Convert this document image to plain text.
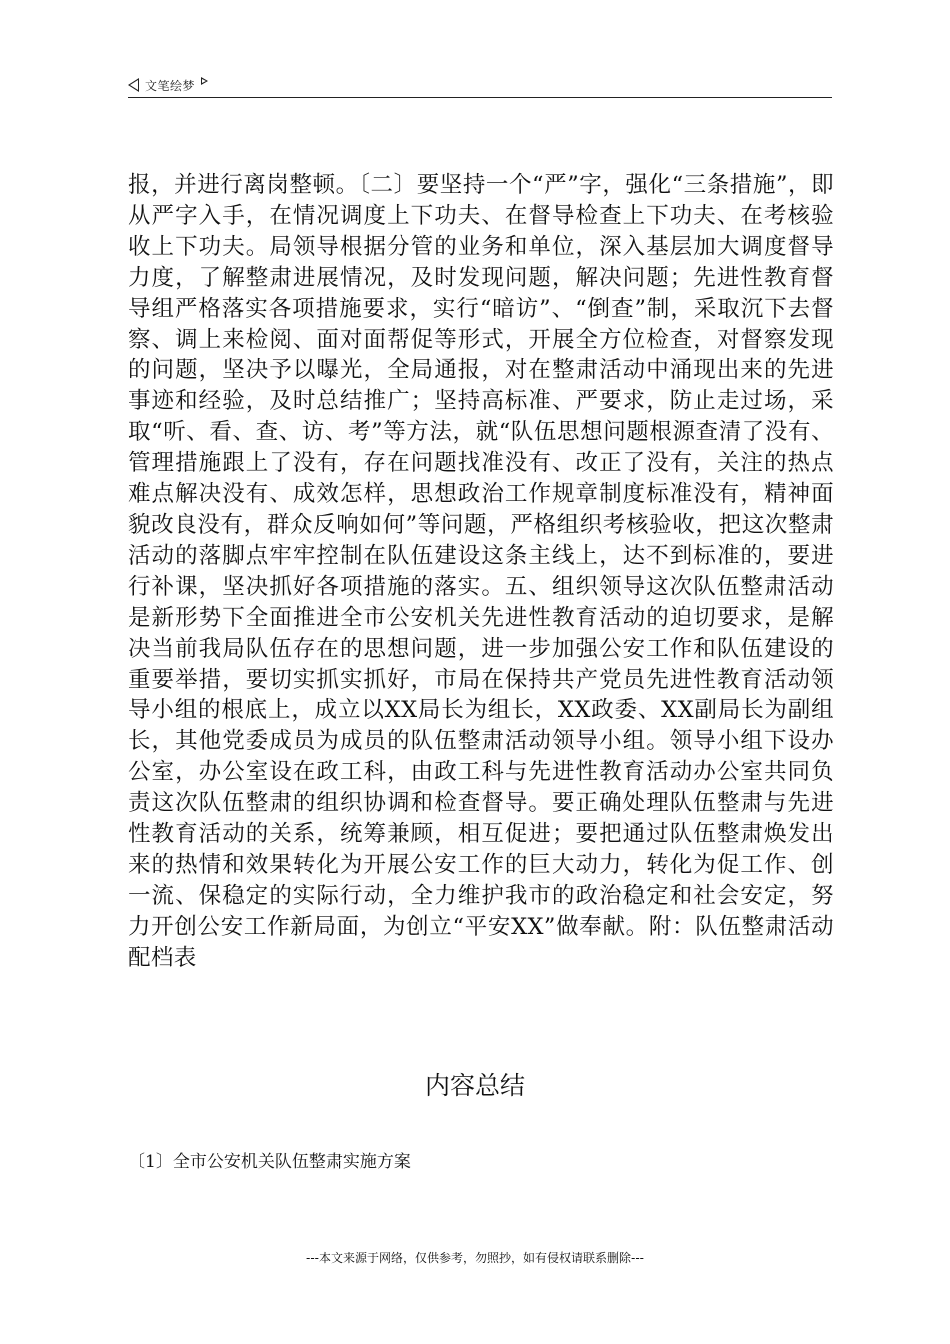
文笔绘梦

报，并进行离岗整顿。〔二〕要坚持一个“严”字，强化“三条措施”，即从严字入手，在情况调度上下功夫、在督导检查上下功夫、在考核验收上下功夫。局领导根据分管的业务和单位，深入基层加大调度督导力度，了解整肃进展情况，及时发现问题，解决问题；先进性教育督导组严格落实各项措施要求，实行“暗访”、“倒查”制，采取沉下去督察、调上来检阅、面对面帮促等形式，开展全方位检查，对督察发现的问题，坚决予以曝光，全局通报，对在整肃活动中涌现出来的先进事迹和经验，及时总结推广；坚持高标准、严要求，防止走过场，采取“听、看、查、访、考”等方法，就“队伍思想问题根源查清了没有、管理措施跟上了没有，存在问题找准没有、改正了没有，关注的热点难点解决没有、成效怎样，思想政治工作规章制度标准没有，精神面貌改良没有，群众反响如何”等问题，严格组织考核验收，把这次整肃活动的落脚点牢牢控制在队伍建设这条主线上，达不到标准的，要进行补课，坚决抓好各项措施的落实。五、组织领导这次队伍整肃活动是新形势下全面推进全市公安机关先进性教育活动的迫切要求，是解决当前我局队伍存在的思想问题，进一步加强公安工作和队伍建设的重要举措，要切实抓实抓好，市局在保持共产党员先进性教育活动领导小组的根底上，成立以XX局长为组长，XX政委、XX副局长为副组长，其他党委成员为成员的队伍整肃活动领导小组。领导小组下设办公室，办公室设在政工科，由政工科与先进性教育活动办公室共同负责这次队伍整肃的组织协调和检查督导。要正确处理队伍整肃与先进性教育活动的关系，统筹兼顾，相互促进；要把通过队伍整肃焕发出来的热情和效果转化为开展公安工作的巨大动力，转化为促工作、创一流、保稳定的实际行动，全力维护我市的政治稳定和社会安定，努力开创公安工作新局面，为创立“平安XX”做奉献。附：队伍整肃活动配档表

内容总结

〔1〕全市公安机关队伍整肃实施方案

---本文来源于网络，仅供参考，勿照抄，如有侵权请联系删除---
